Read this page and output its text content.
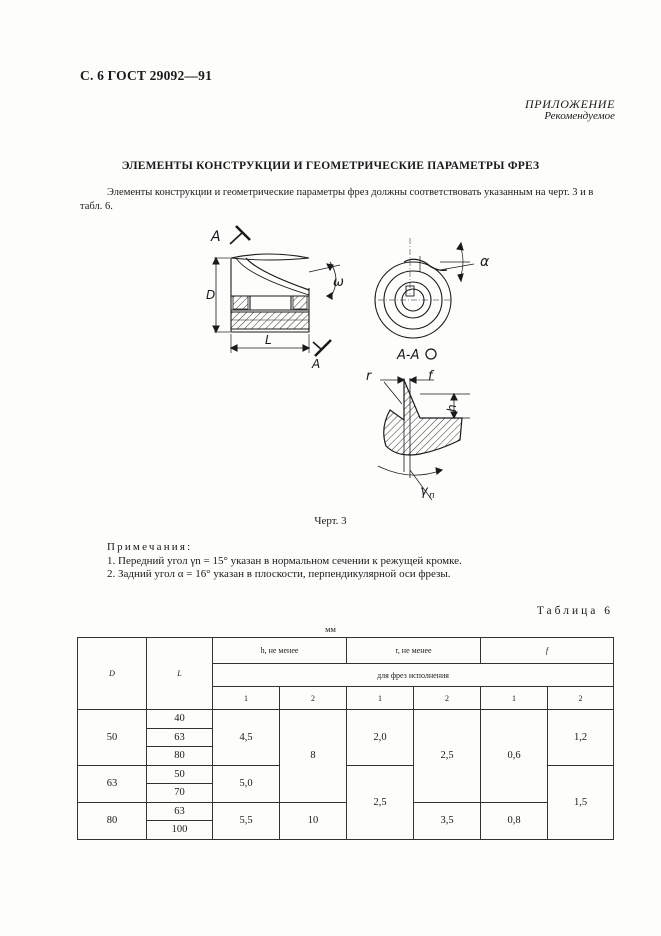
С. 6 ГОСТ 29092—91
ПРИЛОЖЕНИЕ
Рекомендуемое
ЭЛЕМЕНТЫ КОНСТРУКЦИИ И ГЕОМЕТРИЧЕСКИЕ ПАРАМЕТРЫ ФРЕЗ
Элементы конструкции и геометрические параметры фрез должны соответствовать указанным на черт. 3 и в табл. 6.
A
D
L
A
ω
α
A-A
r	f
h
γ n
Черт. 3
Примечания:
1. Передний угол γn = 15° указан в нормальном сечении к режущей кромке.
2. Задний угол α = 16° указан в плоскости, перпендикулярной оси фрезы.
Таблица 6
мм
D	L	h, не менее		r, не менее		f	
		для фрез исполнения					
		1	2	1	2	1	2
50	40	4,5	8	2,0	2,5	0,6	1,2
	63						
	80						
63	50	5,0		2,5			1,5
	70						
80	63	5,5	10		3,5	0,8	
	100						
